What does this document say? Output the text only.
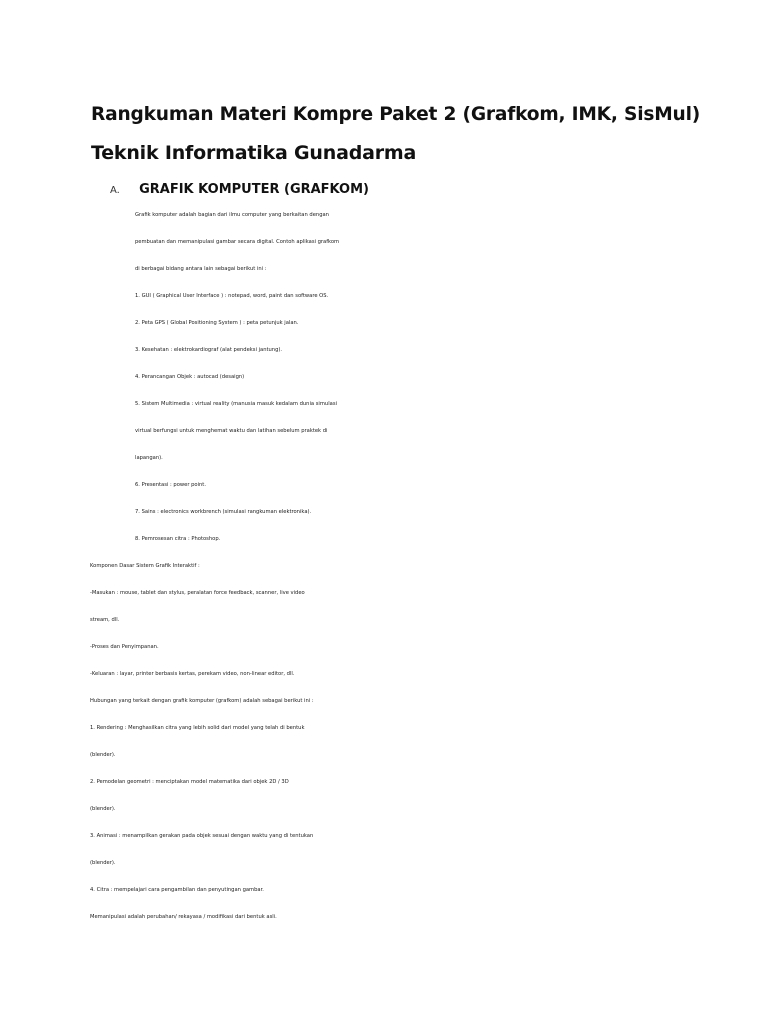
Rangkuman Materi Kompre Paket 2 (Grafkom, IMK, SisMul)
Teknik Informatika Gunadarma
A. GRAFIK KOMPUTER (GRAFKOM)
Grafik komputer adalah bagian dari ilmu computer yang berkaitan dengan
pembuatan dan memanipulasi gambar secara digital. Contoh aplikasi grafkom
di berbagai bidang antara lain sebagai berikut ini :
1. GUI ( Graphical User Interface ) : notepad, word, paint dan software OS.
2. Peta GPS ( Global Positioning System ) : peta petunjuk jalan.
3. Kesehatan : elektrokardiograf (alat pendeksi jantung).
4. Perancangan Objek : autocad (desaign)
5. Sistem Multimedia : virtual reality (manusia masuk kedalam dunia simulasi
virtual berfungsi untuk menghemat waktu dan latihan sebelum praktek di
lapangan).
6. Presentasi : power point.
7. Sains : electronics workbrench (simulasi rangkuman elektronika).
8. Pemrosesan citra : Photoshop.
Komponen Dasar Sistem Grafik Interaktif :
-Masukan : mouse, tablet dan stylus, peralatan force feedback, scanner, live video
stream, dll.
-Proses dan Penyimpanan.
-Keluaran : layar, printer berbasis kertas, perekam video, non-linear editor, dll.
Hubungan yang terkait dengan grafik komputer (grafkom) adalah sebagai berikut ini :
1. Rendering : Menghasilkan citra yang lebih solid dari model yang telah di bentuk
(blender).
2. Pemodelan geometri : menciptakan model matematika dari objek 2D / 3D
(blender).
3. Animasi : menampilkan gerakan pada objek sesuai dengan waktu yang di tentukan
(blender).
4. Citra : mempelajari cara pengambilan dan penyutingan gambar.
Memanipulasi adalah perubahan/ rekayasa / modifikasi dari bentuk asli.
